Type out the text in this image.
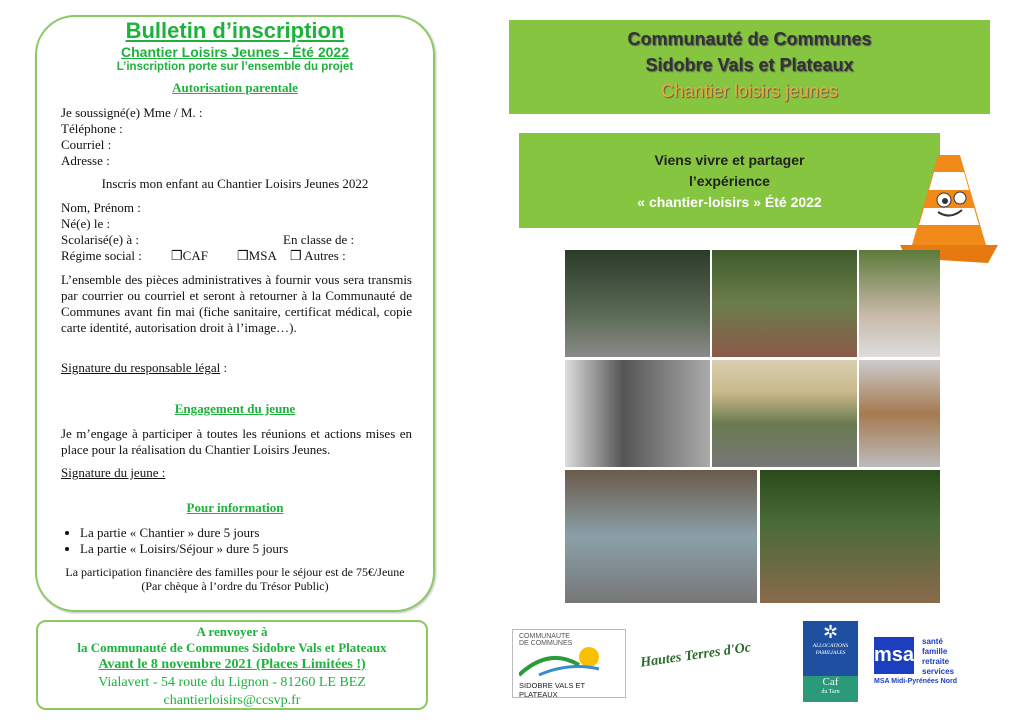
Bulletin d’inscription
Chantier Loisirs Jeunes - Été 2022
L’inscription porte sur l’ensemble du projet
Autorisation parentale
Je soussigné(e) Mme / M. :
Téléphone :
Courriel :
Adresse :
Inscris mon enfant au Chantier Loisirs Jeunes 2022
Nom, Prénom :
Né(e) le :
Scolarisé(e) à :	En classe de :
Régime social : ❒CAF ❒MSA ❒ Autres :
L’ensemble des pièces administratives à fournir vous sera transmis par courrier ou courriel et seront à retourner à la Communauté de Communes avant fin mai (fiche sanitaire, certificat médical, copie carte identité, autorisation droit à l’image…).
Signature du responsable légal :
Engagement du jeune
Je m’engage à participer à toutes les réunions et actions mises en place pour la réalisation du Chantier Loisirs Jeunes.
Signature du jeune :
Pour information
• La partie « Chantier » dure 5 jours
• La partie « Loisirs/Séjour » dure 5 jours
La participation financière des familles pour le séjour est de 75€/Jeune
(Par chèque à l’ordre du Trésor Public)
A renvoyer à
la Communauté de Communes Sidobre Vals et Plateaux
Avant le 8 novembre 2021 (Places Limitées !)
Vialavert - 54 route du Lignon - 81260 LE BEZ
chantierloisirs@ccsvp.fr
Communauté de Communes
Sidobre Vals et Plateaux
Chantier loisirs jeunes
Viens vivre et partager
l’expérience
« chantier-loisirs » Été 2022
COMMUNAUTE DE COMMUNES
SIDOBRE VALS ET PLATEAUX
Hautes Terres d'Oc
✲
ALLOCATIONS FAMILIALES
Caf
du Tarn
msa
santé
famille
retraite
services
MSA Midi-Pyrénées Nord
